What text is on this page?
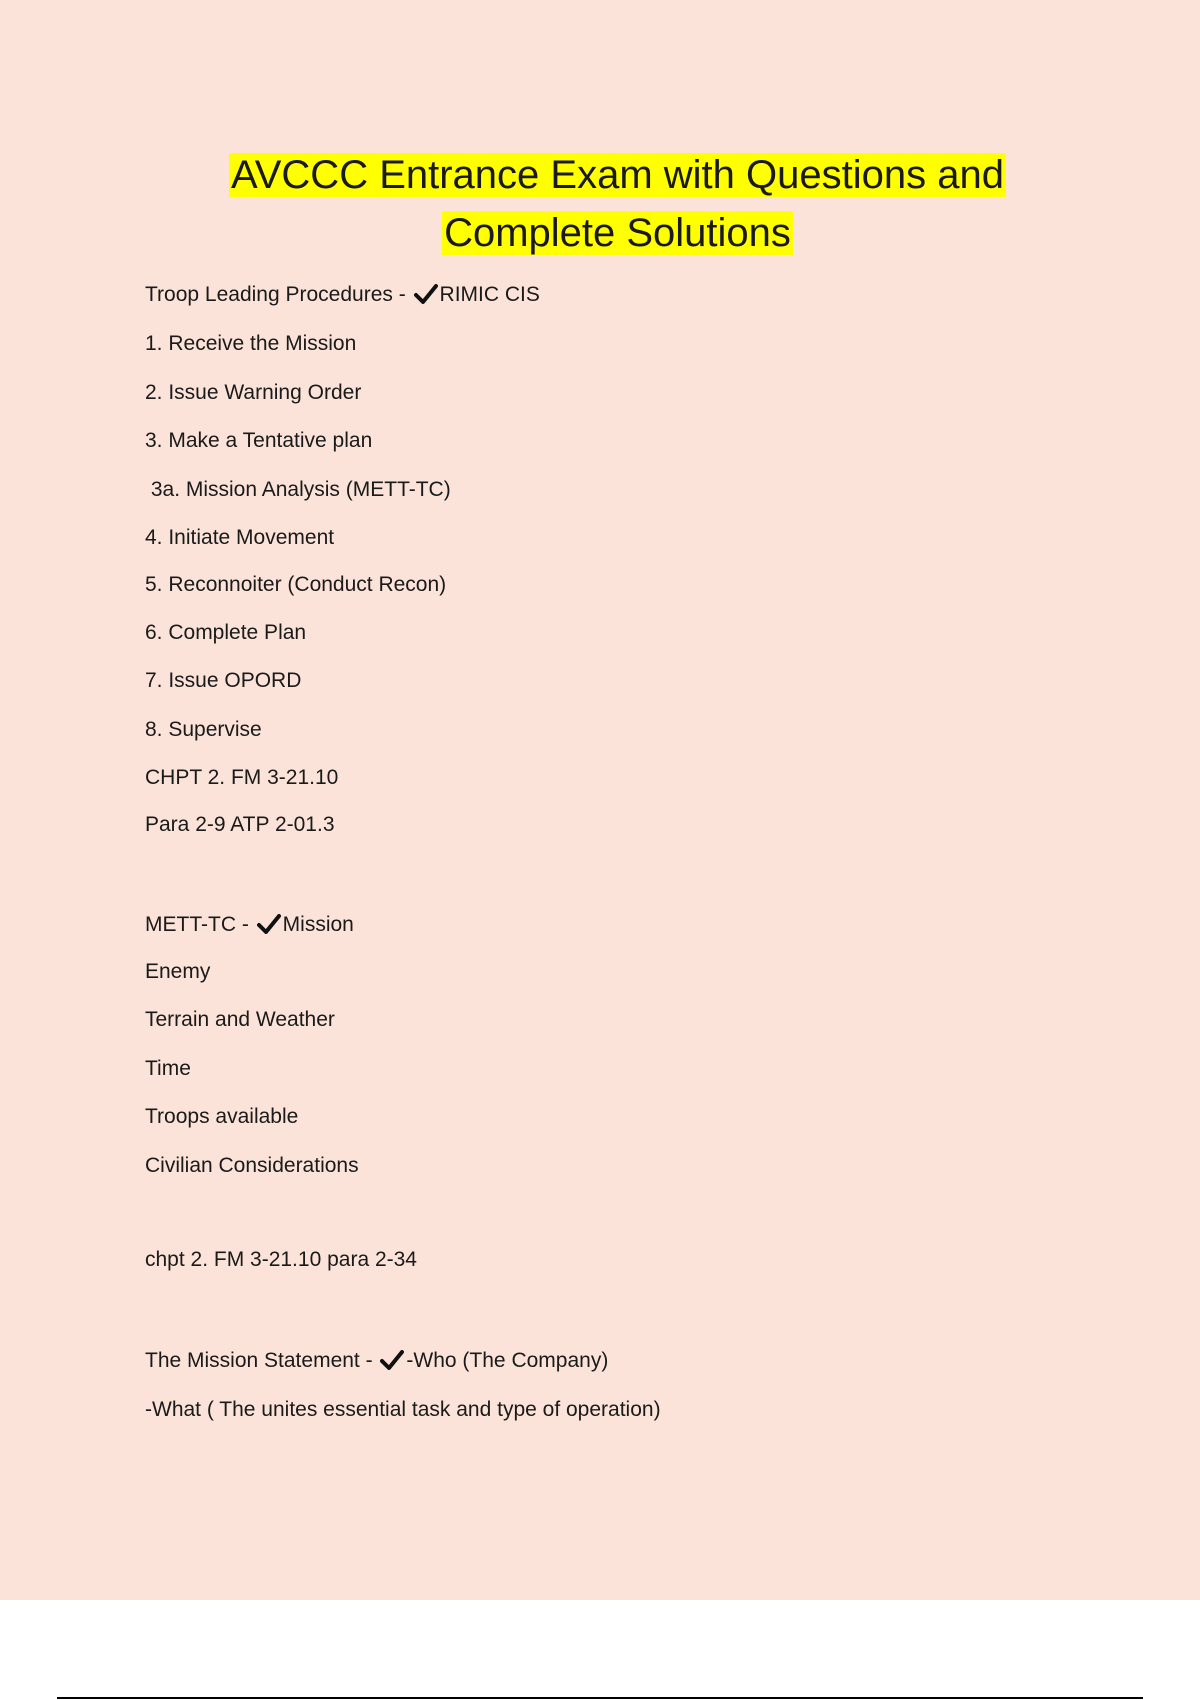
AVCCC Entrance Exam with Questions and
Complete Solutions
Troop Leading Procedures - RIMIC CIS
1. Receive the Mission
2. Issue Warning Order
3. Make a Tentative plan
3a. Mission Analysis (METT-TC)
4. Initiate Movement
5. Reconnoiter (Conduct Recon)
6. Complete Plan
7. Issue OPORD
8. Supervise
CHPT 2. FM 3-21.10
Para 2-9 ATP 2-01.3
METT-TC - Mission
Enemy
Terrain and Weather
Time
Troops available
Civilian Considerations
chpt 2. FM 3-21.10 para 2-34
The Mission Statement - -Who (The Company)
-What ( The unites essential task and type of operation)
